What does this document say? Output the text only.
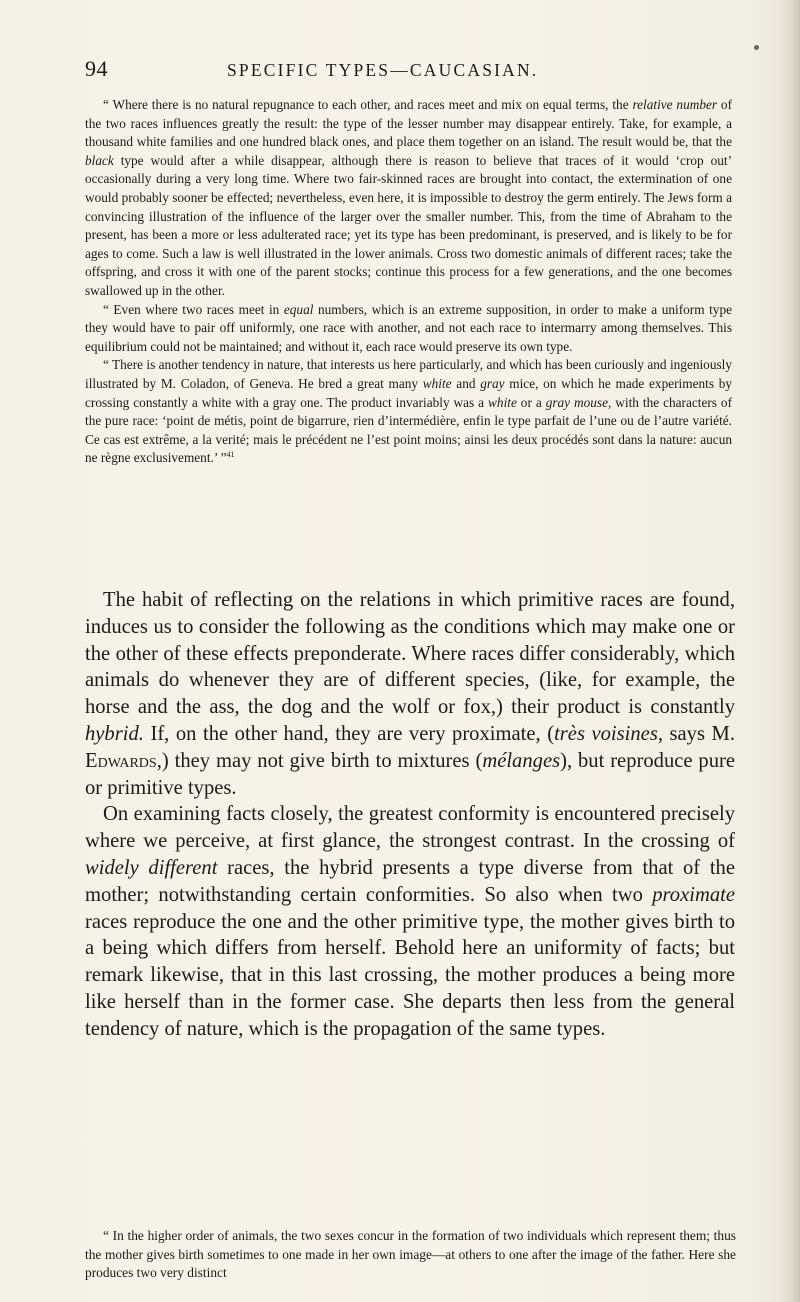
94	SPECIFIC TYPES—CAUCASIAN.

“ Where there is no natural repugnance to each other, and races meet and mix on equal terms, the relative number of the two races influences greatly the result: the type of the lesser number may disappear entirely. Take, for example, a thousand white families and one hundred black ones, and place them together on an island. The result would be, that the black type would after a while disappear, although there is reason to believe that traces of it would ‘crop out’ occasionally during a very long time. Where two fair-skinned races are brought into contact, the extermination of one would probably sooner be effected; nevertheless, even here, it is impossible to destroy the germ entirely. The Jews form a convincing illustration of the influence of the larger over the smaller number. This, from the time of Abraham to the present, has been a more or less adulterated race; yet its type has been predominant, is preserved, and is likely to be for ages to come. Such a law is well illustrated in the lower animals. Cross two domestic animals of different races; take the offspring, and cross it with one of the parent stocks; continue this process for a few generations, and the one becomes swallowed up in the other.

“ Even where two races meet in equal numbers, which is an extreme supposition, in order to make a uniform type they would have to pair off uniformly, one race with another, and not each race to intermarry among themselves. This equilibrium could not be maintained; and without it, each race would preserve its own type.

“ There is another tendency in nature, that interests us here particularly, and which has been curiously and ingeniously illustrated by M. Coladon, of Geneva. He bred a great many white and gray mice, on which he made experiments by crossing constantly a white with a gray one. The product invariably was a white or a gray mouse, with the characters of the pure race: ‘point de métis, point de bigarrure, rien d’intermédière, enfin le type parfait de l’une ou de l’autre variété. Ce cas est extrême, a la verité; mais le précédent ne l’est point moins; ainsi les deux procédés sont dans la nature: aucun ne règne exclusivement.’ ”$^{41}$

The habit of reflecting on the relations in which primitive races are found, induces us to consider the following as the conditions which may make one or the other of these effects preponderate. Where races differ considerably, which animals do whenever they are of different species, (like, for example, the horse and the ass, the dog and the wolf or fox,) their product is constantly hybrid. If, on the other hand, they are very proximate, (très voisines, says M. Edwards,) they may not give birth to mixtures (mélanges), but reproduce pure or primitive types.

On examining facts closely, the greatest conformity is encountered precisely where we perceive, at first glance, the strongest contrast. In the crossing of widely different races, the hybrid presents a type diverse from that of the mother; notwithstanding certain conformities. So also when two proximate races reproduce the one and the other primitive type, the mother gives birth to a being which differs from herself. Behold here an uniformity of facts; but remark likewise, that in this last crossing, the mother produces a being more like herself than in the former case. She departs then less from the general tendency of nature, which is the propagation of the same types.

“ In the higher order of animals, the two sexes concur in the formation of two individuals which represent them; thus the mother gives birth sometimes to one made in her own image—at others to one after the image of the father. Here she produces two very distinct
